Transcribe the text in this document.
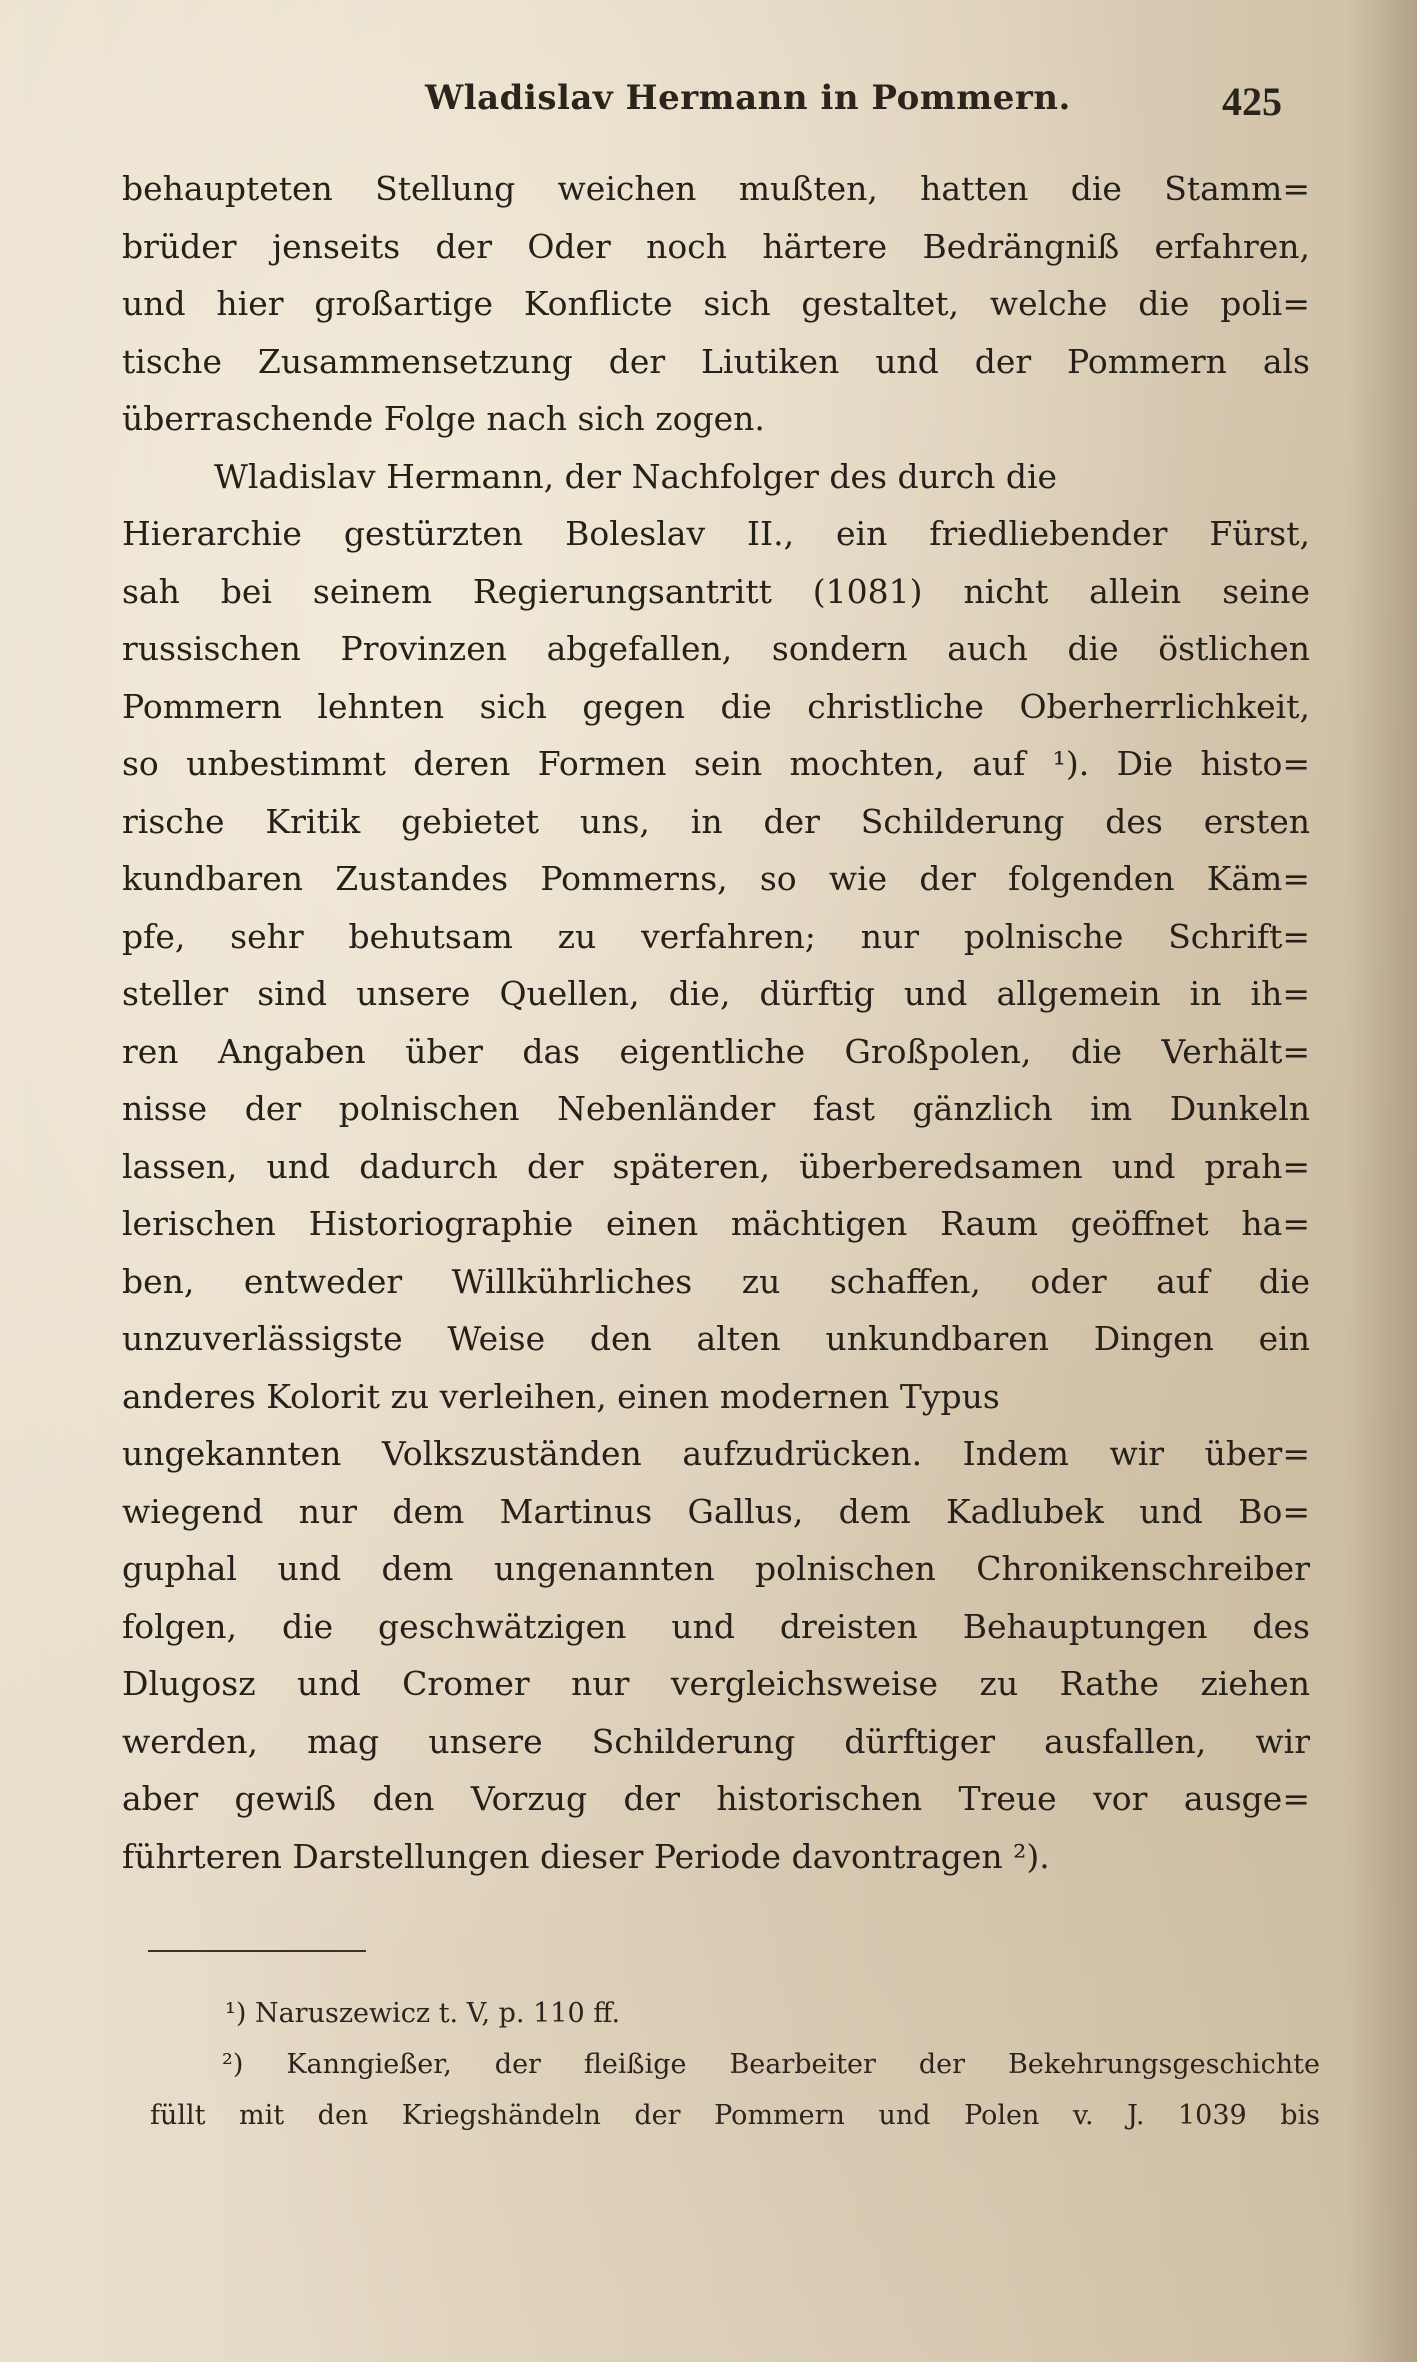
Wladislav Hermann in Pommern.	425
behaupteten Stellung weichen mußten, hatten die Stamm=
brüder jenseits der Oder noch härtere Bedrängniß erfahren,
und hier großartige Konflicte sich gestaltet, welche die poli=
tische Zusammensetzung der Liutiken und der Pommern als
überraschende Folge nach sich zogen.
Wladislav Hermann, der Nachfolger des durch die
Hierarchie gestürzten Boleslav II., ein friedliebender Fürst,
sah bei seinem Regierungsantritt (1081) nicht allein seine
russischen Provinzen abgefallen, sondern auch die östlichen
Pommern lehnten sich gegen die christliche Oberherrlichkeit,
so unbestimmt deren Formen sein mochten, auf ¹). Die histo=
rische Kritik gebietet uns, in der Schilderung des ersten
kundbaren Zustandes Pommerns, so wie der folgenden Käm=
pfe, sehr behutsam zu verfahren; nur polnische Schrift=
steller sind unsere Quellen, die, dürftig und allgemein in ih=
ren Angaben über das eigentliche Großpolen, die Verhält=
nisse der polnischen Nebenländer fast gänzlich im Dunkeln
lassen, und dadurch der späteren, überberedsamen und prah=
lerischen Historiographie einen mächtigen Raum geöffnet ha=
ben, entweder Willkührliches zu schaffen, oder auf die
unzuverlässigste Weise den alten unkundbaren Dingen ein
anderes Kolorit zu verleihen, einen modernen Typus
ungekannten Volkszuständen aufzudrücken. Indem wir über=
wiegend nur dem Martinus Gallus, dem Kadlubek und Bo=
guphal und dem ungenannten polnischen Chronikenschreiber
folgen, die geschwätzigen und dreisten Behauptungen des
Dlugosz und Cromer nur vergleichsweise zu Rathe ziehen
werden, mag unsere Schilderung dürftiger ausfallen, wir
aber gewiß den Vorzug der historischen Treue vor ausge=
führteren Darstellungen dieser Periode davontragen ²).
¹) Naruszewicz t. V, p. 110 ff.
²) Kanngießer, der fleißige Bearbeiter der Bekehrungsgeschichte
füllt mit den Kriegshändeln der Pommern und Polen v. J. 1039 bis
